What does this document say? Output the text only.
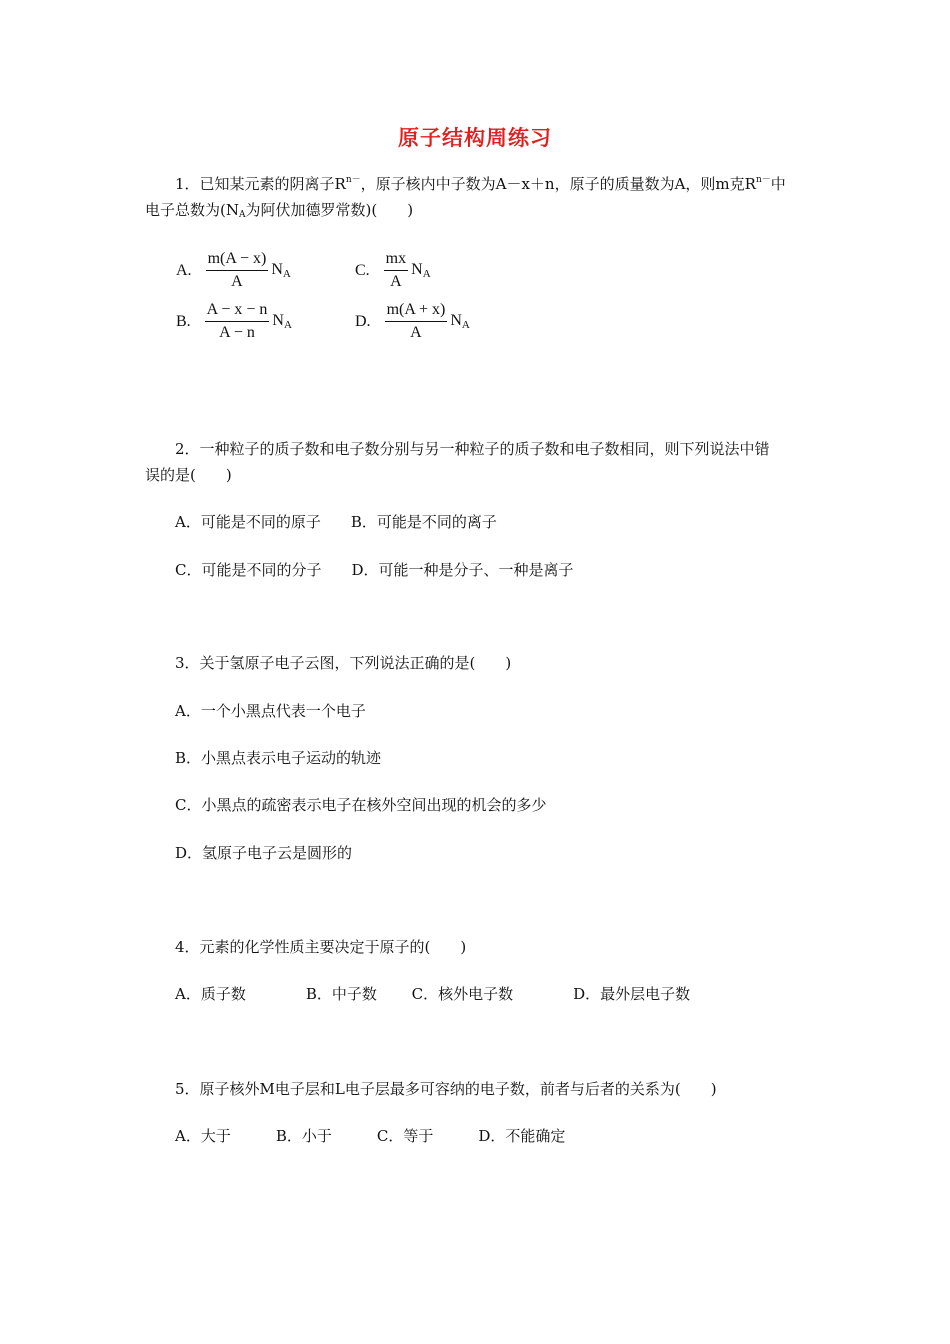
原子结构周练习
1．已知某元素的阴离子$R^{n-}$，原子核内中子数为A－x＋n，原子的质量数为A，则m克$R^{n-}$中
电子总数为($N_A$为阿伏加德罗常数)(　　)
A. $\frac{m(A - x)}{A} N_A$	C. $\frac{mx}{A} N_A$
B. $\frac{A - x - n}{A - n} N_A$	D. $\frac{m(A + x)}{A} N_A$
2．一种粒子的质子数和电子数分别与另一种粒子的质子数和电子数相同，则下列说法中错
误的是(　　)
A．可能是不同的原子　　B．可能是不同的离子
C．可能是不同的分子　　D．可能一种是分子、一种是离子
3．关于氢原子电子云图，下列说法正确的是(　　)
A．一个小黑点代表一个电子
B．小黑点表示电子运动的轨迹
C．小黑点的疏密表示电子在核外空间出现的机会的多少
D．氢原子电子云是圆形的
4．元素的化学性质主要决定于原子的(　　)
A．质子数　　　　B．中子数　　 C．核外电子数　　　　D．最外层电子数
5．原子核外M电子层和L电子层最多可容纳的电子数，前者与后者的关系为(　　)
A．大于　　　B．小于　　　C．等于　　　D．不能确定
